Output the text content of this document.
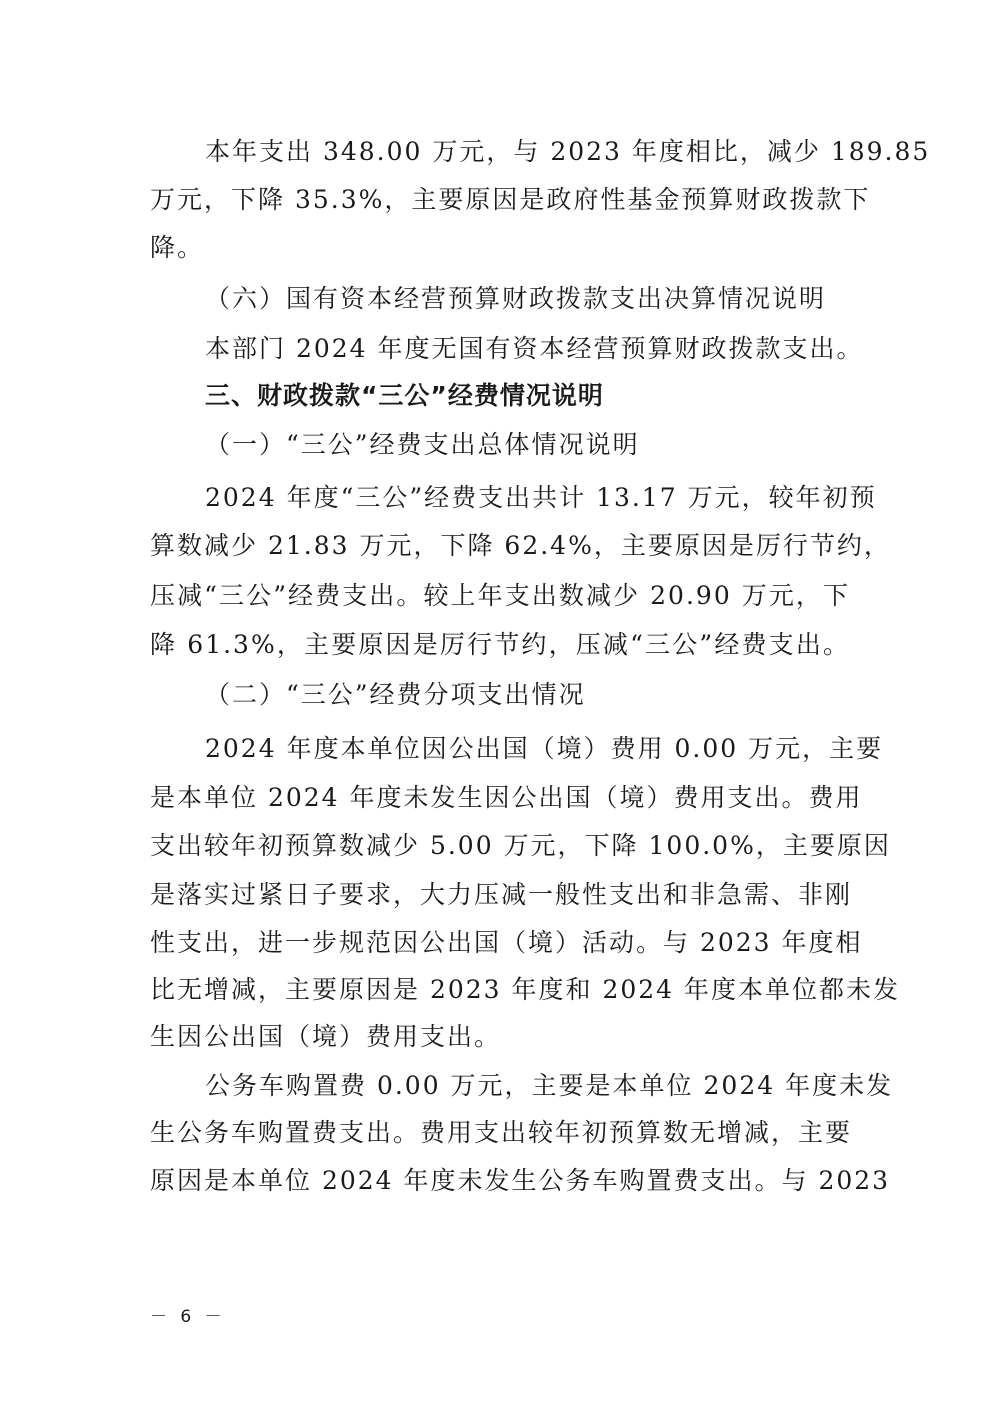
本年支出 348.00 万元，与 2023 年度相比，减少 189.85
万元，下降 35.3%，主要原因是政府性基金预算财政拨款下
降。
（六）国有资本经营预算财政拨款支出决算情况说明
本部门 2024 年度无国有资本经营预算财政拨款支出。
三、财政拨款“三公”经费情况说明
（一）“三公”经费支出总体情况说明
2024 年度“三公”经费支出共计 13.17 万元，较年初预
算数减少 21.83 万元，下降 62.4%，主要原因是厉行节约，
压减“三公”经费支出。较上年支出数减少 20.90 万元，下
降 61.3%，主要原因是厉行节约，压减“三公”经费支出。
（二）“三公”经费分项支出情况
2024 年度本单位因公出国（境）费用 0.00 万元，主要
是本单位 2024 年度未发生因公出国（境）费用支出。费用
支出较年初预算数减少 5.00 万元，下降 100.0%，主要原因
是落实过紧日子要求，大力压减一般性支出和非急需、非刚
性支出，进一步规范因公出国（境）活动。与 2023 年度相
比无增减，主要原因是 2023 年度和 2024 年度本单位都未发
生因公出国（境）费用支出。
公务车购置费 0.00 万元，主要是本单位 2024 年度未发
生公务车购置费支出。费用支出较年初预算数无增减，主要
原因是本单位 2024 年度未发生公务车购置费支出。与 2023
－ 6 －
